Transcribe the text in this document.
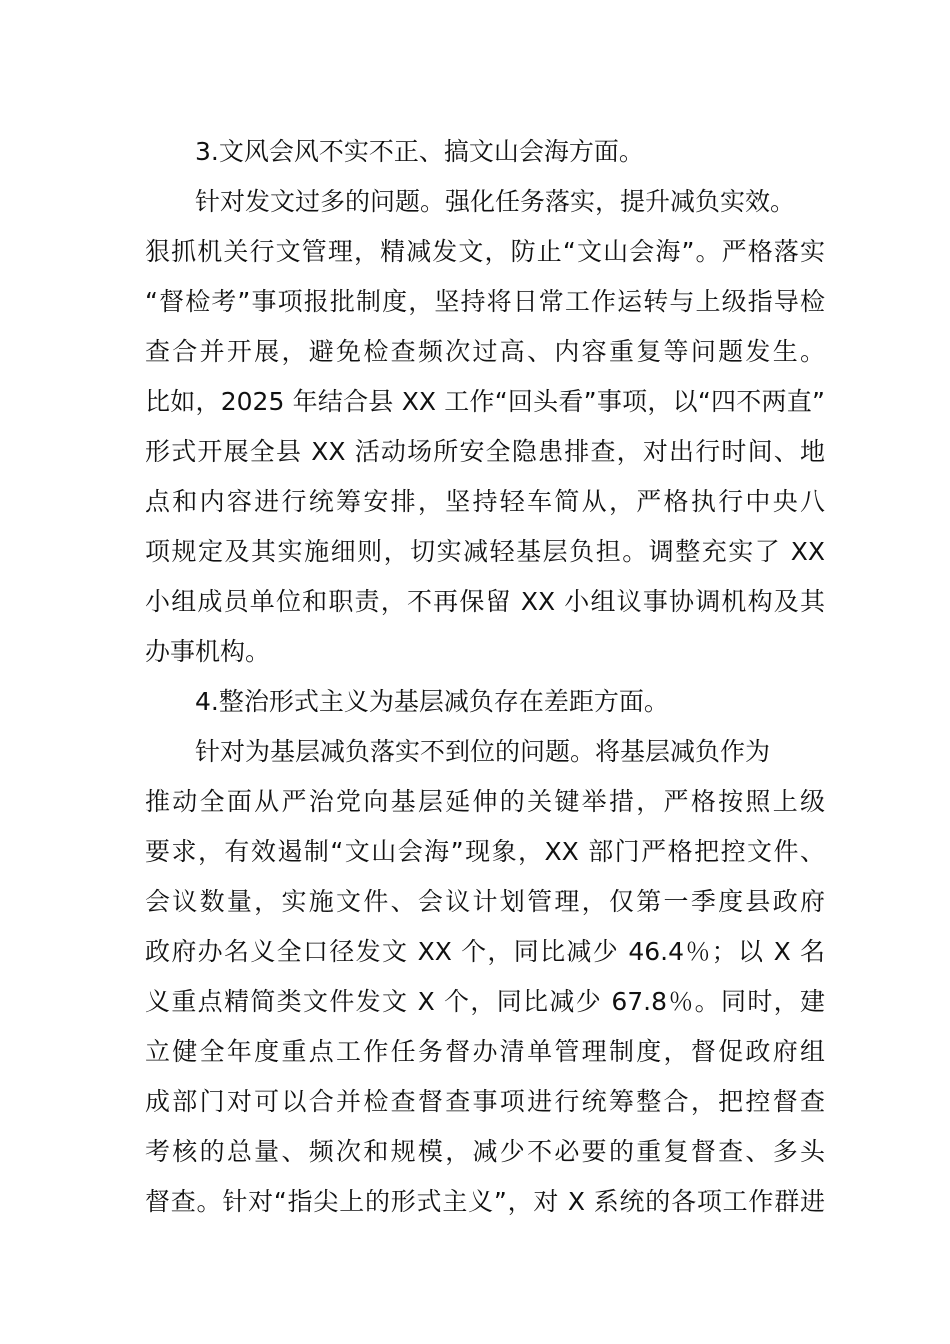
3.文风会风不实不正、搞文山会海方面。
针对发文过多的问题。强化任务落实，提升减负实效。
狠抓机关行文管理，精减发文，防止“文山会海”。严格落实
“督检考”事项报批制度，坚持将日常工作运转与上级指导检
查合并开展，避免检查频次过高、内容重复等问题发生。
比如，2025 年结合县 XX 工作“回头看”事项，以“四不两直”
形式开展全县 XX 活动场所安全隐患排查，对出行时间、地
点和内容进行统筹安排，坚持轻车简从，严格执行中央八
项规定及其实施细则，切实减轻基层负担。调整充实了 XX
小组成员单位和职责，不再保留 XX 小组议事协调机构及其
办事机构。
4.整治形式主义为基层减负存在差距方面。
针对为基层减负落实不到位的问题。将基层减负作为
推动全面从严治党向基层延伸的关键举措，严格按照上级
要求，有效遏制“文山会海”现象，XX 部门严格把控文件、
会议数量，实施文件、会议计划管理，仅第一季度县政府
政府办名义全口径发文 XX 个，同比减少 46.4％；以 X 名
义重点精简类文件发文 X 个，同比减少 67.8％。同时，建
立健全年度重点工作任务督办清单管理制度，督促政府组
成部门对可以合并检查督查事项进行统筹整合，把控督查
考核的总量、频次和规模，减少不必要的重复督查、多头
督查。针对“指尖上的形式主义”，对 X 系统的各项工作群进
